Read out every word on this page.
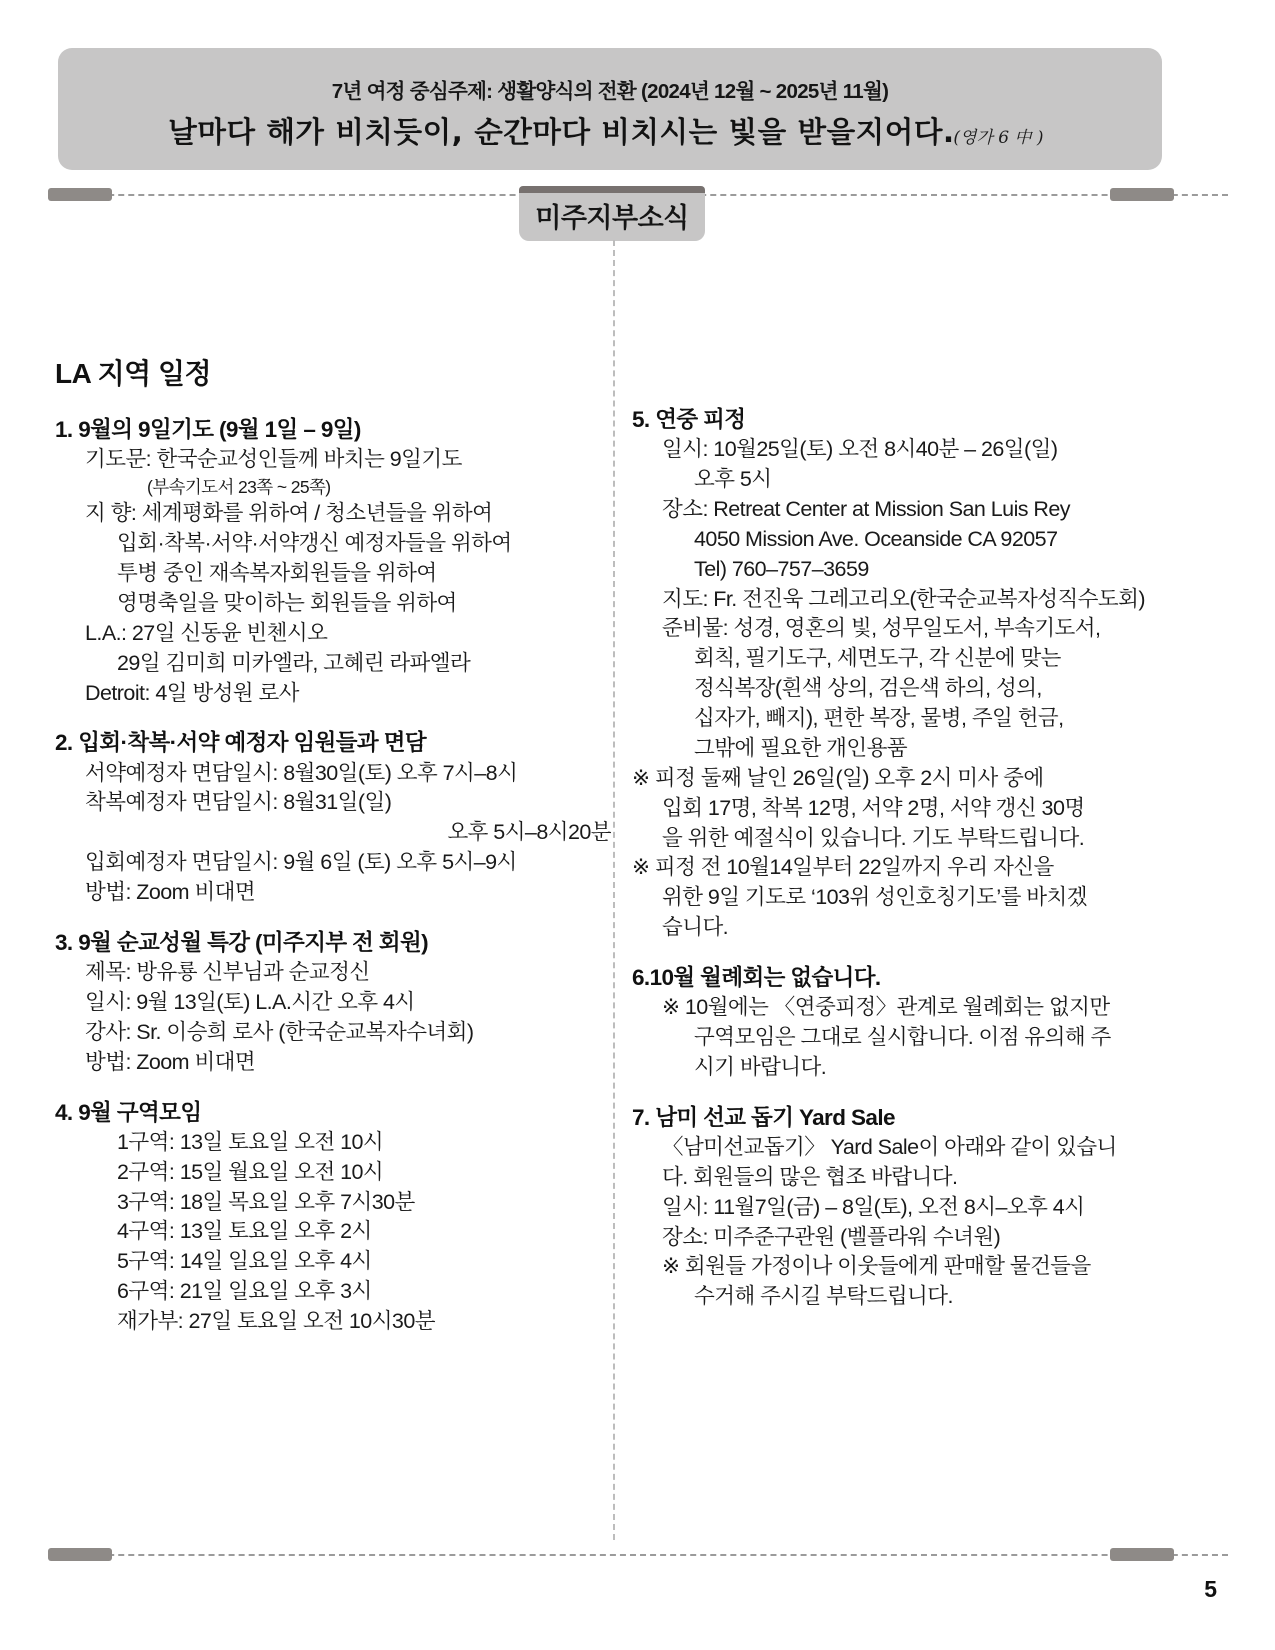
7년 여정 중심주제: 생활양식의 전환 (2024년 12월 ~ 2025년 11월)
날마다 해가 비치듯이, 순간마다 비치시는 빛을 받을지어다.
(영가 6 中 )
미주지부소식
LA 지역 일정
1. 9월의 9일기도 (9월 1일 – 9일)
기도문: 한국순교성인들께 바치는 9일기도
(부속기도서 23쪽 ~ 25쪽)
지 향: 세계평화를 위하여 / 청소년들을 위하여
입회·착복·서약·서약갱신 예정자들을 위하여
투병 중인 재속복자회원들을 위하여
영명축일을 맞이하는 회원들을 위하여
L.A.: 27일 신동윤 빈첸시오
29일 김미희 미카엘라, 고혜린 라파엘라
Detroit: 4일 방성원 로사
2. 입회·착복·서약 예정자 임원들과 면담
서약예정자 면담일시: 8월30일(토) 오후 7시–8시
착복예정자 면담일시: 8월31일(일)
오후 5시–8시20분
입회예정자 면담일시: 9월 6일 (토) 오후 5시–9시
방법: Zoom 비대면
3. 9월 순교성월 특강 (미주지부 전 회원)
제목: 방유룡 신부님과 순교정신
일시: 9월 13일(토) L.A.시간 오후 4시
강사: Sr. 이승희 로사 (한국순교복자수녀회)
방법: Zoom 비대면
4. 9월 구역모임
1구역: 13일 토요일 오전 10시
2구역: 15일 월요일 오전 10시
3구역: 18일 목요일 오후 7시30분
4구역: 13일 토요일 오후 2시
5구역: 14일 일요일 오후 4시
6구역: 21일 일요일 오후 3시
재가부: 27일 토요일 오전 10시30분
5. 연중 피정
일시: 10월25일(토) 오전 8시40분 – 26일(일)
오후 5시
장소: Retreat Center at Mission San Luis Rey
4050 Mission Ave. Oceanside CA 92057
Tel) 760–757–3659
지도: Fr. 전진욱 그레고리오(한국순교복자성직수도회)
준비물: 성경, 영혼의 빛, 성무일도서, 부속기도서,
회칙, 필기도구, 세면도구, 각 신분에 맞는
정식복장(흰색 상의, 검은색 하의, 성의,
십자가, 빼지), 편한 복장, 물병, 주일 헌금,
그밖에 필요한 개인용품
※ 피정 둘째 날인 26일(일) 오후 2시 미사 중에
입회 17명, 착복 12명, 서약 2명, 서약 갱신 30명
을 위한 예절식이 있습니다. 기도 부탁드립니다.
※ 피정 전 10월14일부터 22일까지 우리 자신을
위한 9일 기도로 ‘103위 성인호칭기도’를 바치겠
습니다.
6.10월 월례회는 없습니다.
※ 10월에는 〈연중피정〉관계로 월례회는 없지만
구역모임은 그대로 실시합니다. 이점 유의해 주
시기 바랍니다.
7. 남미 선교 돕기 Yard Sale
〈남미선교돕기〉 Yard Sale이 아래와 같이 있습니
다. 회원들의 많은 협조 바랍니다.
일시: 11월7일(금) – 8일(토), 오전 8시–오후 4시
장소: 미주준구관원 (벨플라워 수녀원)
※ 회원들 가정이나 이웃들에게 판매할 물건들을
수거해 주시길 부탁드립니다.
5
